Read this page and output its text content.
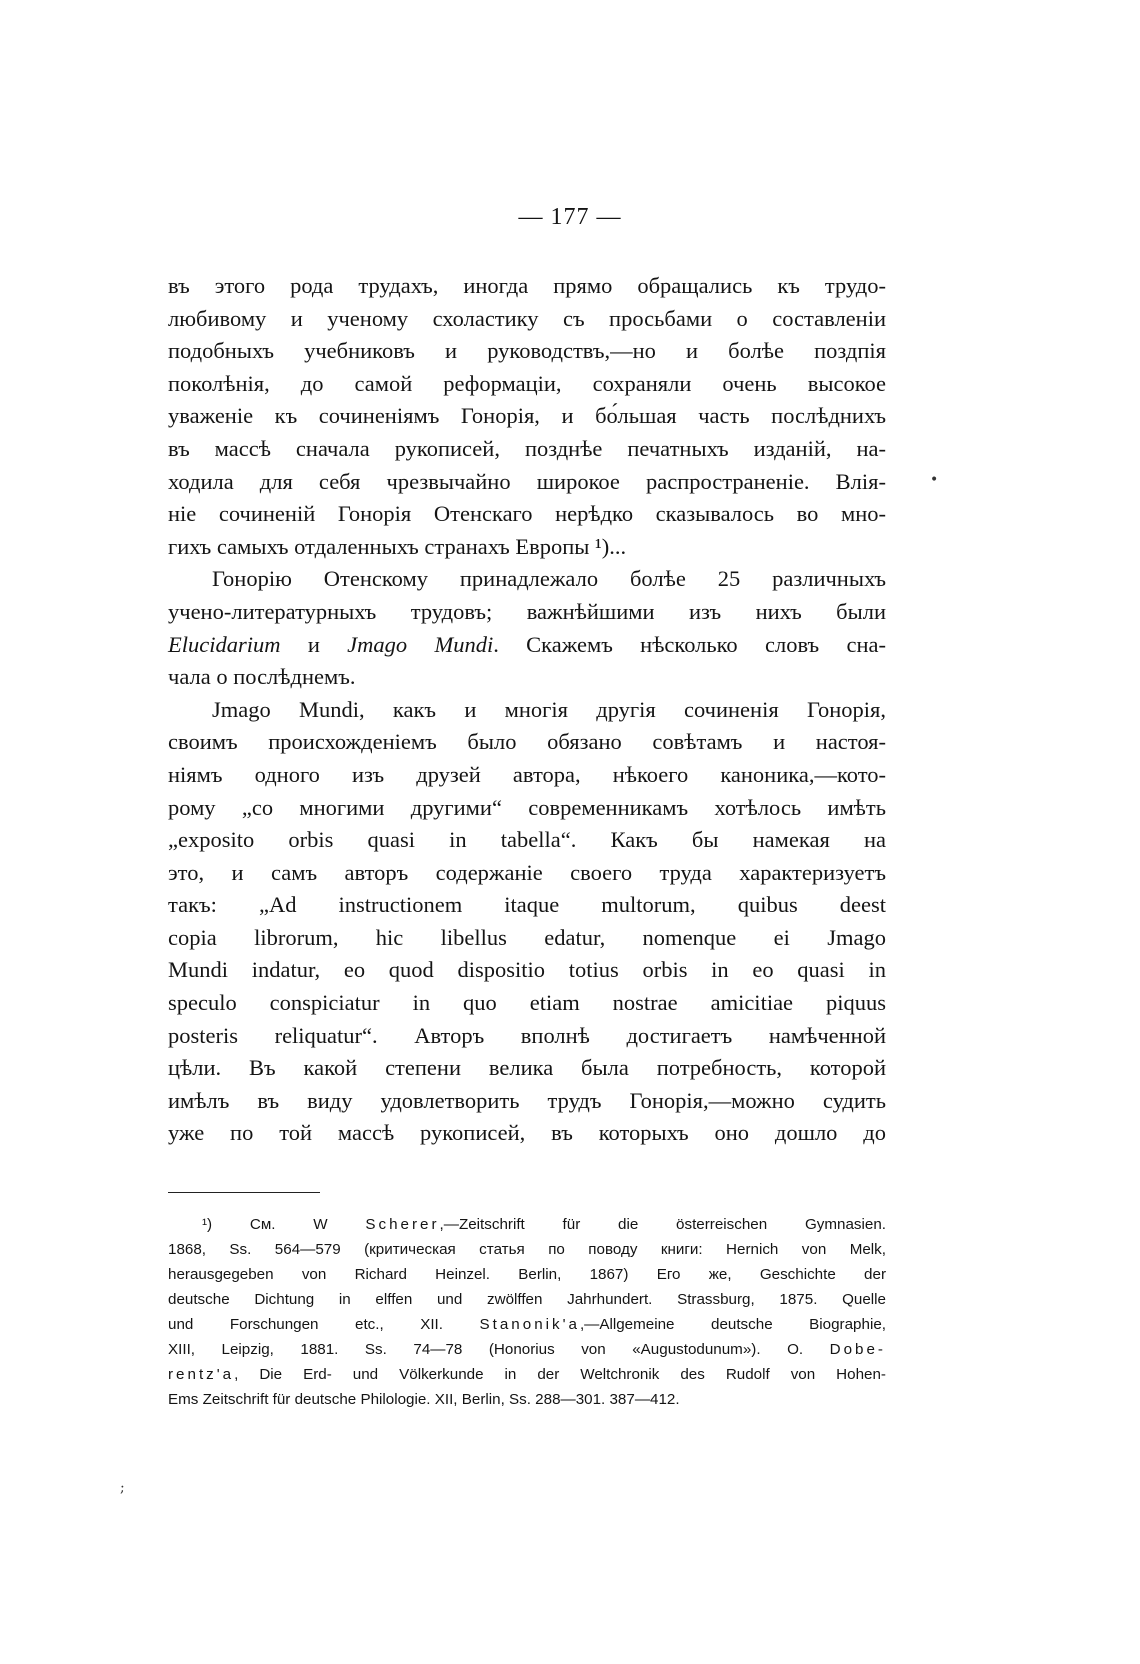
— 177 —

въ этого рода трудахъ, иногда прямо обращались къ трудо-
любивому и ученому схоластику съ просьбами о составленіи
подобныхъ учебниковъ и руководствъ,—но и болѣе поздпія
поколѣнія, до самой реформаціи, сохраняли очень высокое
уваженіе къ сочиненіямъ Гонорія, и бо́льшая часть послѣднихъ
въ массѣ сначала рукописей, позднѣе печатныхъ изданій, на-
ходила для себя чрезвычайно широкое распространеніе. Влія-
ніе сочиненій Гонорія Отенскаго нерѣдко сказывалось во мно-
гихъ самыхъ отдаленныхъ странахъ Европы ¹)...

Гонорію Отенскому принадлежало болѣе 25 различныхъ
учено-литературныхъ трудовъ; важнѣйшими изъ нихъ были
Elucidarium и Jmago Mundi. Скажемъ нѣсколько словъ сна-
чала о послѣднемъ.

Jmago Mundi, какъ и многія другія сочиненія Гонорія,
своимъ происхожденіемъ было обязано совѣтамъ и настоя-
ніямъ одного изъ друзей автора, нѣкоего каноника,—кото-
рому „со многими другими“ современникамъ хотѣлось имѣть
„exposito orbis quasi in tabella“. Какъ бы намекая на
это, и самъ авторъ содержаніе своего труда характеризуетъ
такъ: „Ad instructionem itaque multorum, quibus deest
copia librorum, hic libellus edatur, nomenque ei Jmago
Mundi indatur, eo quod dispositio totius orbis in eo quasi in
speculo conspiciatur in quo etiam nostrae amicitiae piquus
posteris reliquatur“. Авторъ вполнѣ достигаетъ намѣченной
цѣли. Въ какой степени велика была потребность, которой
имѣлъ въ виду удовлетворить трудъ Гонорія,—можно судить
уже по той массѣ рукописей, въ которыхъ оно дошло до

¹) См. W Scherer,—Zeitschrift für die österreischen Gymnasien.
1868, Ss. 564—579 (критическая статья по поводу книги: Hernich von Melk,
herausgegeben von Richard Heinzel. Berlin, 1867) Его же, Geschichte der
deutsche Dichtung in elffen und zwölffen Jahrhundert. Strassburg, 1875. Quelle
und Forschungen etc., XII. Stanonik'a,—Allgemeine deutsche Biographie,
XIII, Leipzig, 1881. Ss. 74—78 (Honorius von «Augustodunum»). O. Dobe-
rentz'a, Die Erd- und Völkerkunde in der Weltchronik des Rudolf von Hohen-
Ems Zeitschrift für deutsche Philologie. XII, Berlin, Ss. 288—301. 387—412.
•
;
